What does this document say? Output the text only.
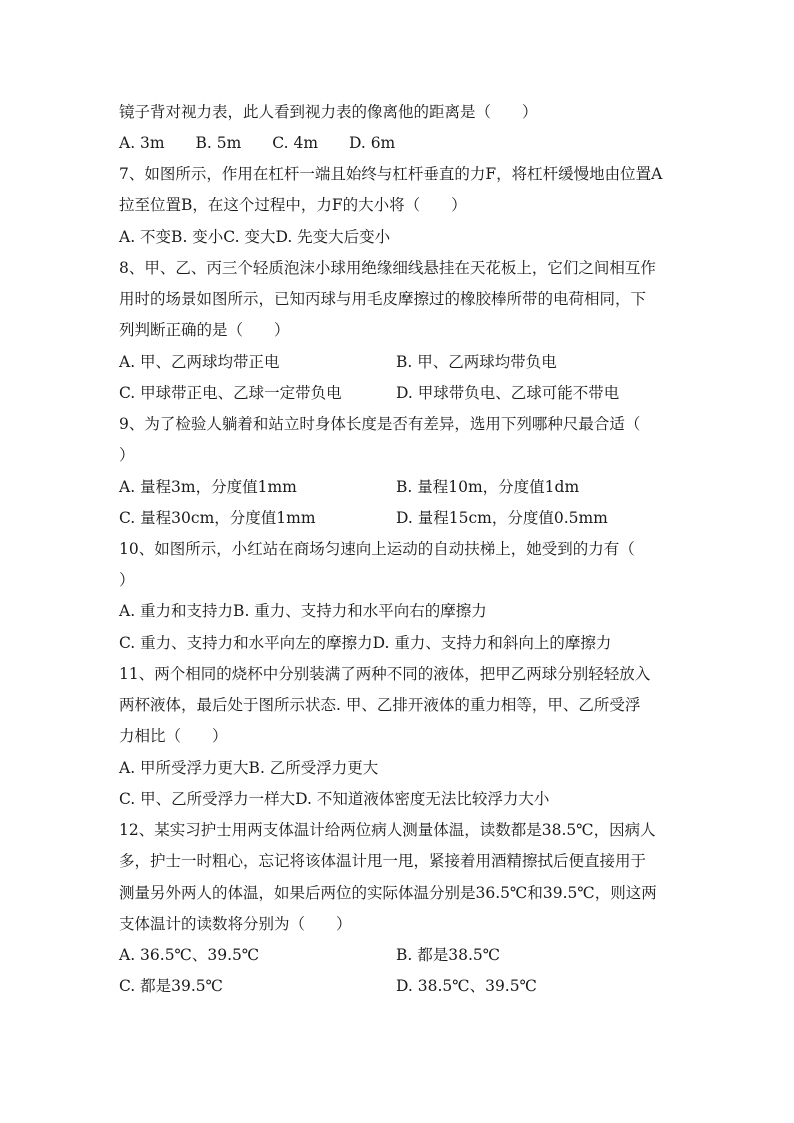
镜子背对视力表，此人看到视力表的像离他的距离是（　　）
A. 3m B. 5m C. 4m D. 6m
7、如图所示，作用在杠杆一端且始终与杠杆垂直的力F，将杠杆缓慢地由位置A
拉至位置B，在这个过程中，力F的大小将（　　）
A. 不变B. 变小C. 变大D. 先变大后变小
8、甲、乙、丙三个轻质泡沫小球用绝缘细线悬挂在天花板上，它们之间相互作
用时的场景如图所示，已知丙球与用毛皮摩擦过的橡胶棒所带的电荷相同，下
列判断正确的是（　　）
A. 甲、乙两球均带正电	B. 甲、乙两球均带负电
C. 甲球带正电、乙球一定带负电	D. 甲球带负电、乙球可能不带电
9、为了检验人躺着和站立时身体长度是否有差异，选用下列哪种尺最合适（
）
A. 量程3m，分度值1mm	B. 量程10m，分度值1dm
C. 量程30cm，分度值1mm	D. 量程15cm，分度值0.5mm
10、如图所示，小红站在商场匀速向上运动的自动扶梯上，她受到的力有（
）
A. 重力和支持力B. 重力、支持力和水平向右的摩擦力
C. 重力、支持力和水平向左的摩擦力D. 重力、支持力和斜向上的摩擦力
11、两个相同的烧杯中分别装满了两种不同的液体，把甲乙两球分别轻轻放入
两杯液体，最后处于图所示状态. 甲、乙排开液体的重力相等，甲、乙所受浮
力相比（　　）
A. 甲所受浮力更大B. 乙所受浮力更大
C. 甲、乙所受浮力一样大D. 不知道液体密度无法比较浮力大小
12、某实习护士用两支体温计给两位病人测量体温，读数都是38.5℃，因病人
多，护士一时粗心，忘记将该体温计甩一甩，紧接着用酒精擦拭后便直接用于
测量另外两人的体温，如果后两位的实际体温分别是36.5℃和39.5℃，则这两
支体温计的读数将分别为（　　）
A. 36.5℃、39.5℃	B. 都是38.5℃
C. 都是39.5℃	D. 38.5℃、39.5℃
